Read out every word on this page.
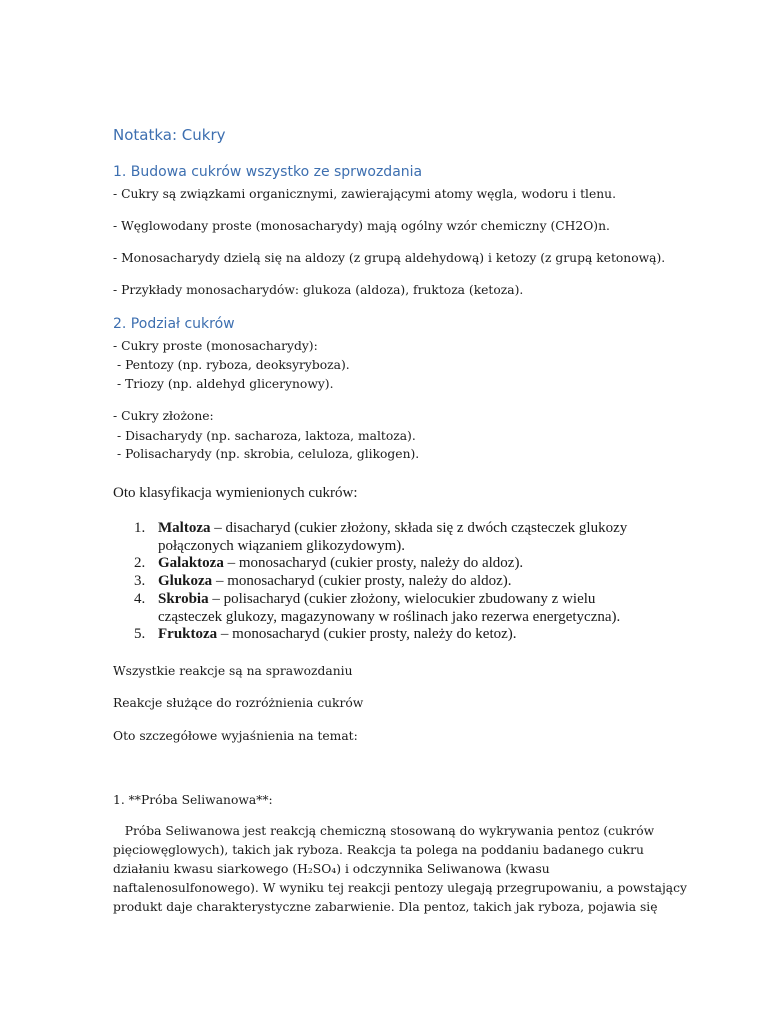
Notatka: Cukry
1. Budowa cukrów wszystko ze sprwozdania
- Cukry są związkami organicznymi, zawierającymi atomy węgla, wodoru i tlenu.
- Węglowodany proste (monosacharydy) mają ogólny wzór chemiczny (CH2O)n.
- Monosacharydy dzielą się na aldozy (z grupą aldehydową) i ketozy (z grupą ketonową).
- Przykłady monosacharydów: glukoza (aldoza), fruktoza (ketoza).
2. Podział cukrów
- Cukry proste (monosacharydy):
- Pentozy (np. ryboza, deoksyryboza).
- Triozy (np. aldehyd glicerynowy).
- Cukry złożone:
- Disacharydy (np. sacharoza, laktoza, maltoza).
- Polisacharydy (np. skrobia, celuloza, glikogen).
Oto klasyfikacja wymienionych cukrów:
1. Maltoza – disacharyd (cukier złożony, składa się z dwóch cząsteczek glukozy
połączonych wiązaniem glikozydowym).
2. Galaktoza – monosacharyd (cukier prosty, należy do aldoz).
3. Glukoza – monosacharyd (cukier prosty, należy do aldoz).
4. Skrobia – polisacharyd (cukier złożony, wielocukier zbudowany z wielu
cząsteczek glukozy, magazynowany w roślinach jako rezerwa energetyczna).
5. Fruktoza – monosacharyd (cukier prosty, należy do ketoz).
Wszystkie reakcje są na sprawozdaniu
Reakcje służące do rozróżnienia cukrów
Oto szczegółowe wyjaśnienia na temat:
1. **Próba Seliwanowa**:
Próba Seliwanowa jest reakcją chemiczną stosowaną do wykrywania pentoz (cukrów
pięciowęglowych), takich jak ryboza. Reakcja ta polega na poddaniu badanego cukru
działaniu kwasu siarkowego (H₂SO₄) i odczynnika Seliwanowa (kwasu
naftalenosulfonowego). W wyniku tej reakcji pentozy ulegają przegrupowaniu, a powstający
produkt daje charakterystyczne zabarwienie. Dla pentoz, takich jak ryboza, pojawia się
